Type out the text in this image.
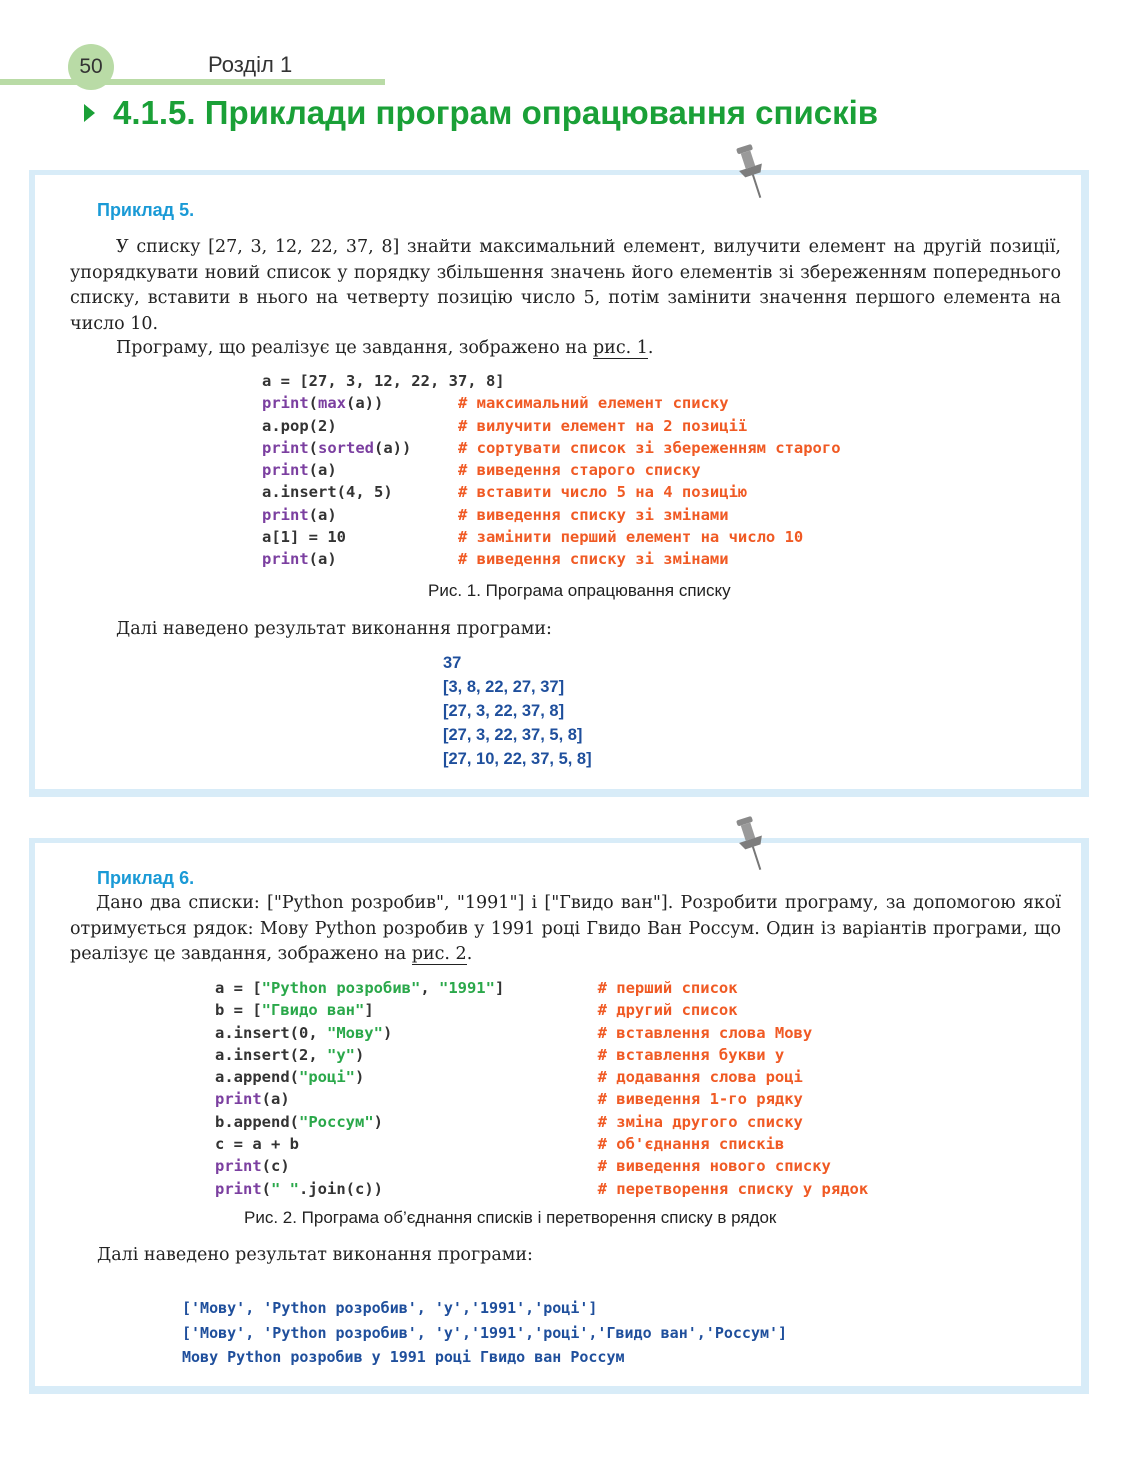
50	Розділ 1
4.1.5. Приклади програм опрацювання списків
Приклад 5.
У списку [27, 3, 12, 22, 37, 8] знайти максимальний елемент, вилучити елемент на другій позиції, упорядкувати новий список у порядку збільшення значень його елементів зі збереженням попереднього списку, вставити в нього на четверту позицію число 5, потім замінити значення першого елемента на число 10.
Програму, що реалізує це завдання, зображено на рис. 1.
a = [27, 3, 12, 22, 37, 8]
print(max(a))	# максимальний елемент списку
a.pop(2)	# вилучити елемент на 2 позиції
print(sorted(a))	# сортувати список зі збереженням старого
print(a)	# виведення старого списку
a.insert(4, 5)	# вставити число 5 на 4 позицію
print(a)	# виведення списку зі змінами
a[1] = 10	# замінити перший елемент на число 10
print(a)	# виведення списку зі змінами
Рис. 1. Програма опрацювання списку
Далі наведено результат виконання програми:
37
[3, 8, 22, 27, 37]
[27, 3, 22, 37, 8]
[27, 3, 22, 37, 5, 8]
[27, 10, 22, 37, 5, 8]
Приклад 6.
Дано два списки: ["Python розробив", "1991"] і ["Гвидо ван"]. Розробити програму, за допомогою якої отримується рядок: Мову Python розробив у 1991 році Гвидо Ван Россум. Один із варіантів програми, що реалізує це завдання, зображено на рис. 2.
a = ["Python розробив", "1991"]	# перший список
b = ["Гвидо ван"]	# другий список
a.insert(0, "Мову")	# вставлення слова Мову
a.insert(2, "у")	# вставлення букви у
a.append("році")	# додавання слова році
print(a)	# виведення 1-го рядку
b.append("Россум")	# зміна другого списку
c = a + b	# об'єднання списків
print(c)	# виведення нового списку
print(" ".join(c))	# перетворення списку у рядок
Рис. 2. Програма об’єднання списків і перетворення списку в рядок
Далі наведено результат виконання програми:
['Мову', 'Python розробив', 'у','1991','році']
['Мову', 'Python розробив', 'у','1991','році','Гвидо ван','Россум']
Мову Python розробив у 1991 році Гвидо ван Россум
